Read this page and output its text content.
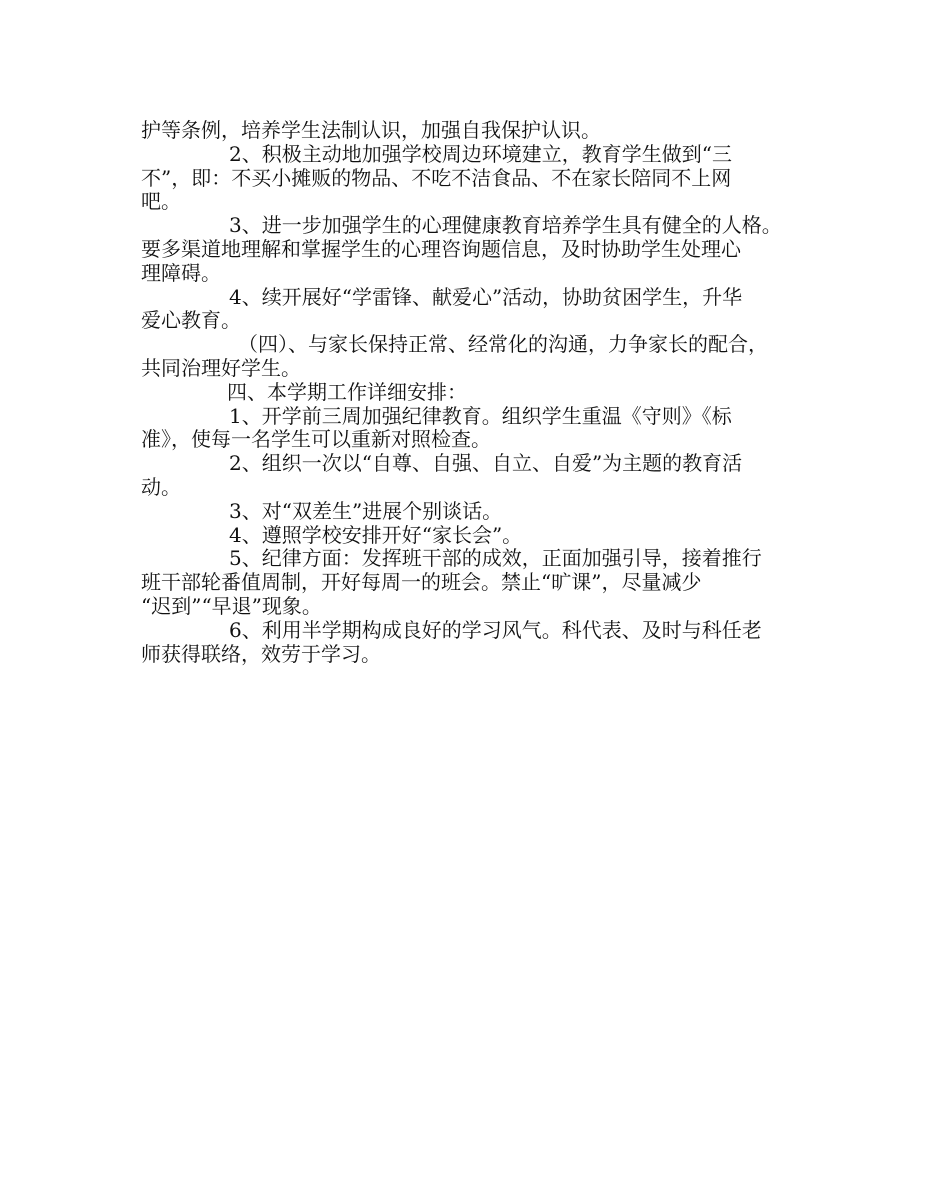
护等条例，培养学生法制认识，加强自我保护认识。

2、积极主动地加强学校周边环境建立，教育学生做到“三
不”，即：不买小摊贩的物品、不吃不洁食品、不在家长陪同不上网
吧。

3、进一步加强学生的心理健康教育培养学生具有健全的人格。
要多渠道地理解和掌握学生的心理咨询题信息，及时协助学生处理心
理障碍。

4、续开展好“学雷锋、献爱心”活动，协助贫困学生，升华
爱心教育。

（四）、与家长保持正常、经常化的沟通，力争家长的配合，
共同治理好学生。

四、本学期工作详细安排：

1、开学前三周加强纪律教育。组织学生重温《守则》《标
准》，使每一名学生可以重新对照检查。

2、组织一次以“自尊、自强、自立、自爱”为主题的教育活
动。

3、对“双差生”进展个别谈话。

4、遵照学校安排开好“家长会”。

5、纪律方面：发挥班干部的成效，正面加强引导，接着推行
班干部轮番值周制，开好每周一的班会。禁止“旷课”，尽量减少
“迟到”“早退”现象。

6、利用半学期构成良好的学习风气。科代表、及时与科任老
师获得联络，效劳于学习。
